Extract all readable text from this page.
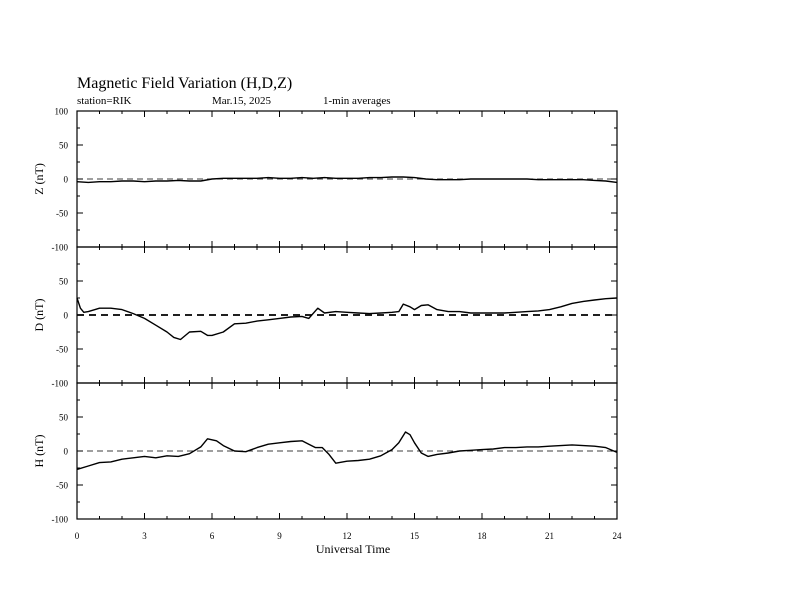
Magnetic Field Variation (H,D,Z)
station=RIK	Mar.15, 2025	1-min averages
100
50
0
-50
-100
Z (nT)
50
0
-50
-100
D (nT)
50
0
-50
-100
H (nT)
0	3	6	9	12	15	18	21	24
Universal Time
